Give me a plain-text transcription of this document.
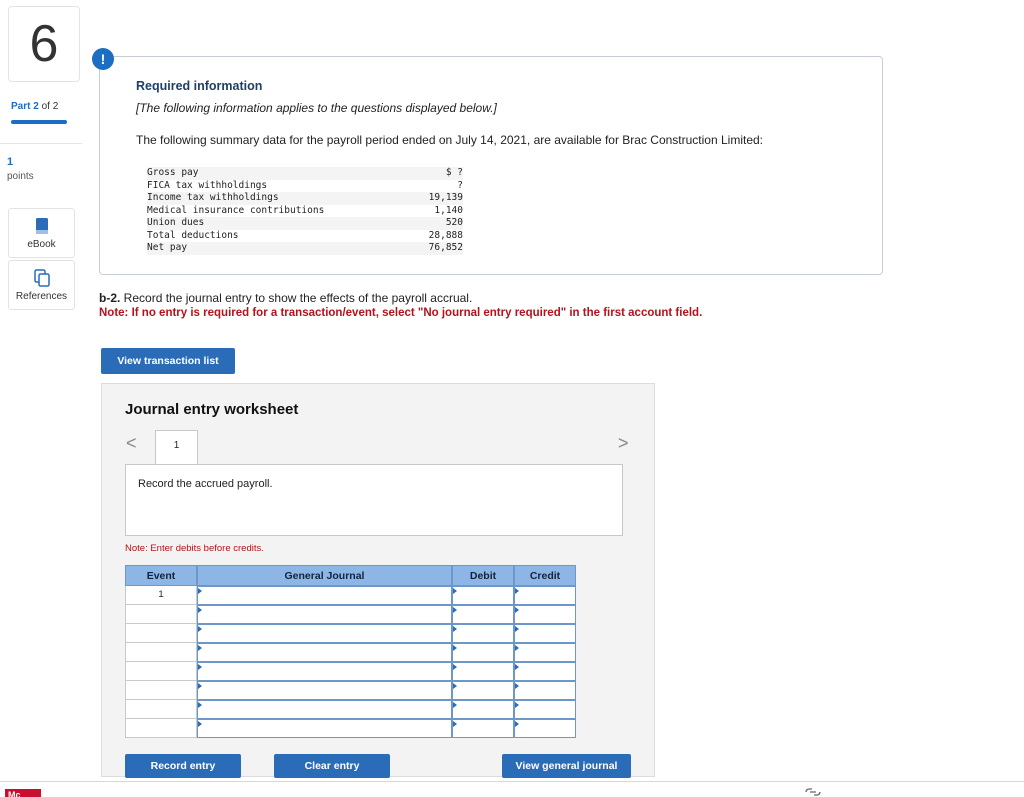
6
Part 2 of 2
1
points
eBook
References
Required information
[The following information applies to the questions displayed below.]
The following summary data for the payroll period ended on July 14, 2021, are available for Brac Construction Limited:
Gross pay	$ ?
FICA tax withholdings	?
Income tax withholdings	19,139
Medical insurance contributions	1,140
Union dues	520
Total deductions	28,888
Net pay	76,852
!
b-2. Record the journal entry to show the effects of the payroll accrual.
Note: If no entry is required for a transaction/event, select "No journal entry required" in the first account field.
View transaction list
Journal entry worksheet
<	1	>
Record the accrued payroll.
Note: Enter debits before credits.
Event	General Journal	Debit	Credit
1
Record entry	Clear entry	View general journal
Mc
